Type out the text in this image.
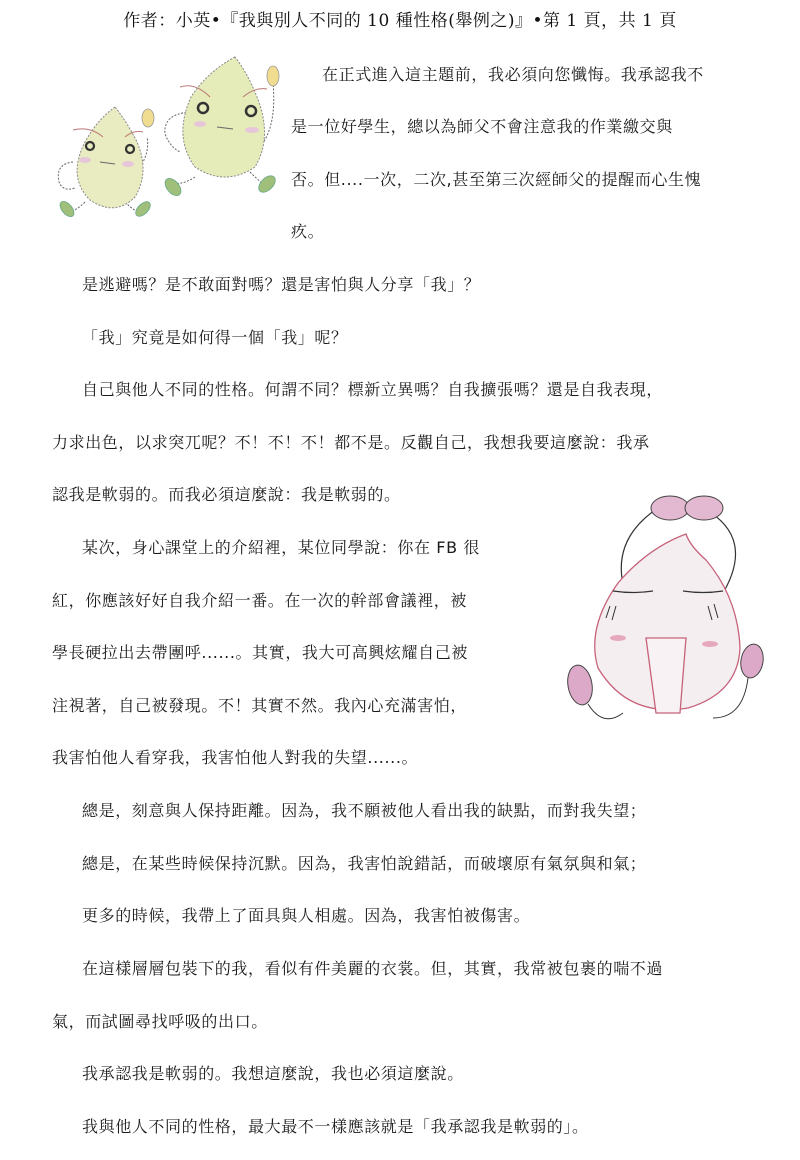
作者：小英•『我與別人不同的 10 種性格(舉例之)』•第 1 頁，共 1 頁
在正式進入這主題前，我必須向您懺悔。我承認我不
是一位好學生，總以為師父不會注意我的作業繳交與
否。但....一次，二次,甚至第三次經師父的提醒而心生愧
疚。
是逃避嗎？是不敢面對嗎？還是害怕與人分享「我」？
「我」究竟是如何得一個「我」呢？
自己與他人不同的性格。何謂不同？標新立異嗎？自我擴張嗎？還是自我表現，
力求出色，以求突兀呢？不！不！不！都不是。反觀自己，我想我要這麼說：我承
認我是軟弱的。而我必須這麼說：我是軟弱的。
某次，身心課堂上的介紹裡，某位同學說：你在 FB 很
紅，你應該好好自我介紹一番。在一次的幹部會議裡，被
學長硬拉出去帶團呼......。其實，我大可高興炫耀自己被
注視著，自己被發現。不！其實不然。我內心充滿害怕，
我害怕他人看穿我，我害怕他人對我的失望......。
總是，刻意與人保持距離。因為，我不願被他人看出我的缺點，而對我失望；
總是，在某些時候保持沉默。因為，我害怕說錯話，而破壞原有氣氛與和氣；
更多的時候，我帶上了面具與人相處。因為，我害怕被傷害。
在這樣層層包裝下的我，看似有件美麗的衣裳。但，其實，我常被包裹的喘不過
氣，而試圖尋找呼吸的出口。
我承認我是軟弱的。我想這麼說，我也必須這麼說。
我與他人不同的性格，最大最不一樣應該就是「我承認我是軟弱的」。
